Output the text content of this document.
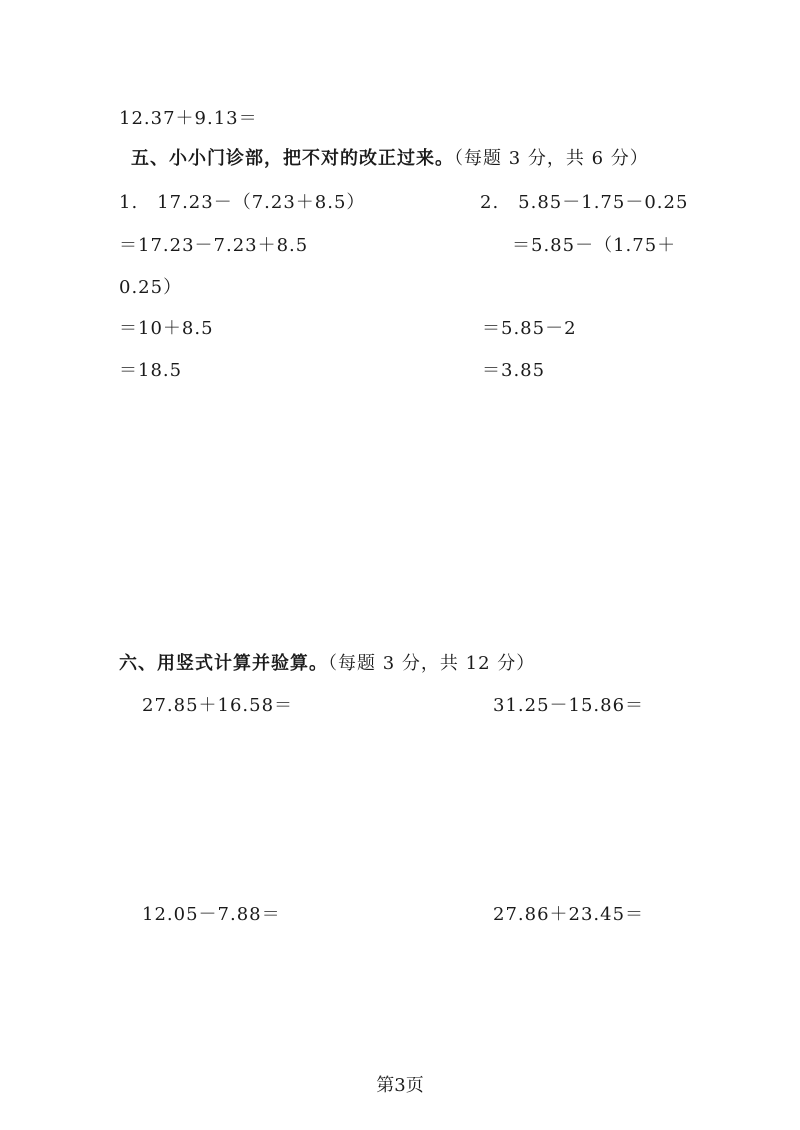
12.37＋9.13＝
五、小小门诊部，把不对的改正过来。（每题 3 分，共 6 分）
1.　17.23－（7.23＋8.5）
＝17.23－7.23＋8.5
＝10＋8.5
＝18.5
2.　5.85－1.75－0.25
＝5.85－（1.75＋
0.25）
＝5.85－2
＝3.85
六、用竖式计算并验算。（每题 3 分，共 12 分）
27.85＋16.58＝	31.25－15.86＝
12.05－7.88＝	27.86＋23.45＝
第3页
